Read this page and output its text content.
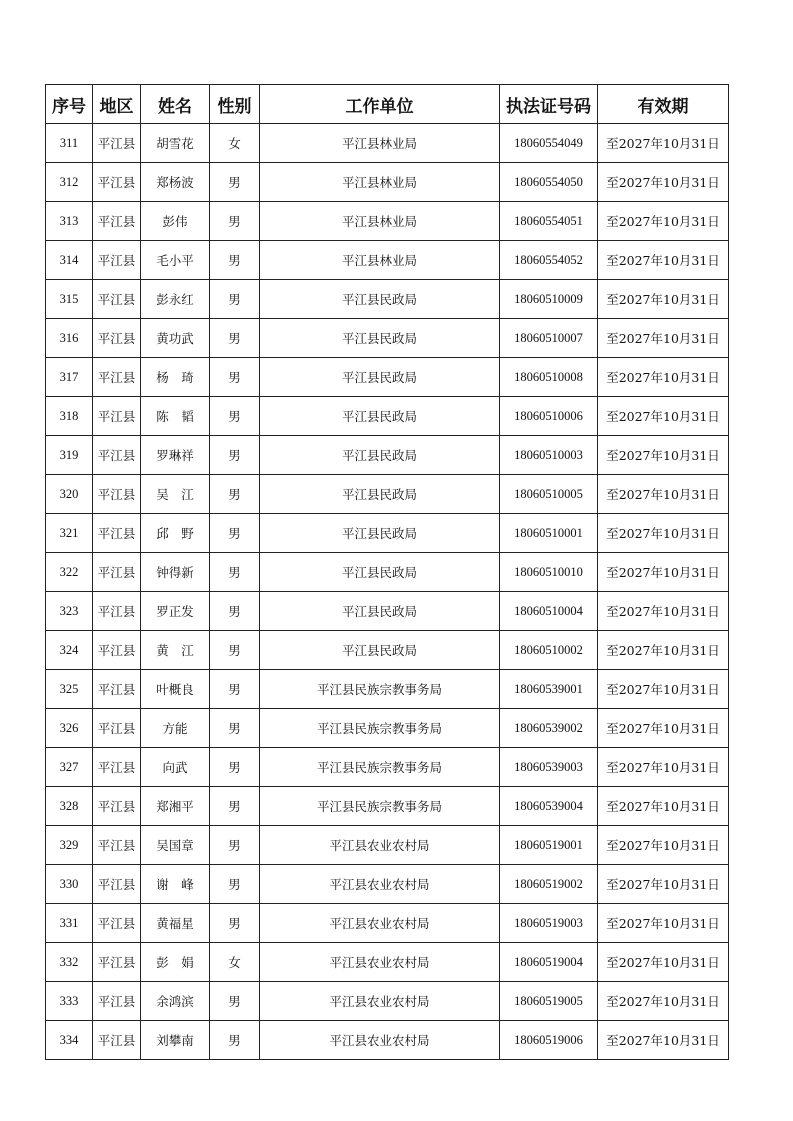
序号	地区	姓名	性别	工作单位	执法证号码	有效期
311	平江县	胡雪花	女	平江县林业局	18060554049	至2027年10月31日
312	平江县	郑杨波	男	平江县林业局	18060554050	至2027年10月31日
313	平江县	彭伟	男	平江县林业局	18060554051	至2027年10月31日
314	平江县	毛小平	男	平江县林业局	18060554052	至2027年10月31日
315	平江县	彭永红	男	平江县民政局	18060510009	至2027年10月31日
316	平江县	黄功武	男	平江县民政局	18060510007	至2027年10月31日
317	平江县	杨　琦	男	平江县民政局	18060510008	至2027年10月31日
318	平江县	陈　韬	男	平江县民政局	18060510006	至2027年10月31日
319	平江县	罗琳祥	男	平江县民政局	18060510003	至2027年10月31日
320	平江县	吴　江	男	平江县民政局	18060510005	至2027年10月31日
321	平江县	邱　野	男	平江县民政局	18060510001	至2027年10月31日
322	平江县	钟得新	男	平江县民政局	18060510010	至2027年10月31日
323	平江县	罗正发	男	平江县民政局	18060510004	至2027年10月31日
324	平江县	黄　江	男	平江县民政局	18060510002	至2027年10月31日
325	平江县	叶概良	男	平江县民族宗教事务局	18060539001	至2027年10月31日
326	平江县	方能	男	平江县民族宗教事务局	18060539002	至2027年10月31日
327	平江县	向武	男	平江县民族宗教事务局	18060539003	至2027年10月31日
328	平江县	郑湘平	男	平江县民族宗教事务局	18060539004	至2027年10月31日
329	平江县	吴国章	男	平江县农业农村局	18060519001	至2027年10月31日
330	平江县	谢　峰	男	平江县农业农村局	18060519002	至2027年10月31日
331	平江县	黄福星	男	平江县农业农村局	18060519003	至2027年10月31日
332	平江县	彭　娟	女	平江县农业农村局	18060519004	至2027年10月31日
333	平江县	余鸿滨	男	平江县农业农村局	18060519005	至2027年10月31日
334	平江县	刘攀南	男	平江县农业农村局	18060519006	至2027年10月31日
